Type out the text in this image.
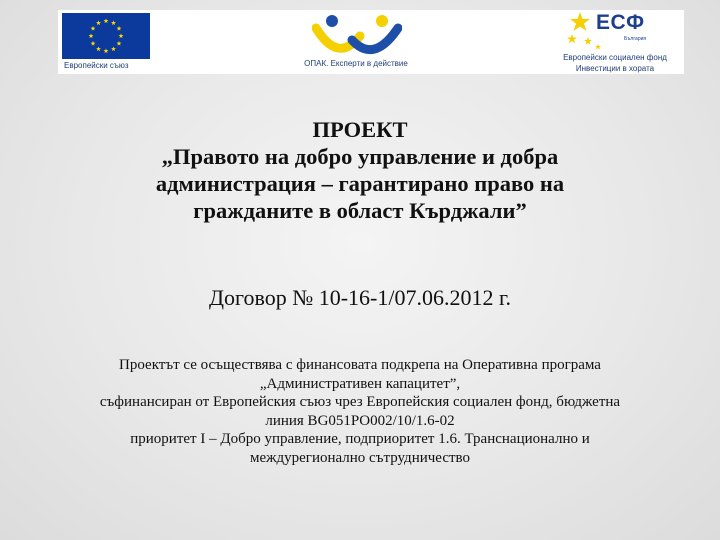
Европейски съюз	ОПАК. Експерти в действие
ЕСФ
България
Европейски социален фонд
Инвестиции в хората
ПРОЕКТ
„Правото на добро управление и добра
администрация – гарантирано право на
гражданите в област Кърджали”
Договор № 10-16-1/07.06.2012 г.
Проектът се осъществява с финансовата подкрепа на Оперативна програма
„Административен капацитет”,
съфинансиран от Европейския съюз чрез Европейския социален фонд, бюджетна
линия BG051PO002/10/1.6-02
приоритет I – Добро управление, подприоритет 1.6. Транснационално и
междурегионално сътрудничество
